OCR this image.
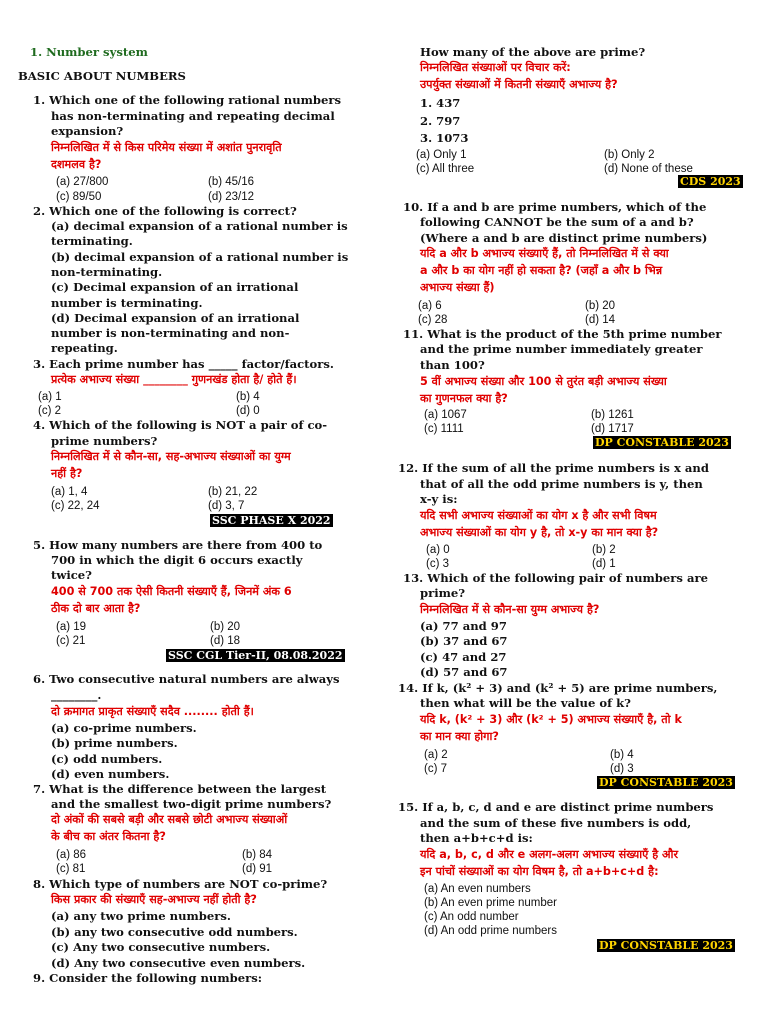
1. Number system
BASIC ABOUT NUMBERS
1. Which one of the following rational numbers
has non-terminating and repeating decimal
expansion?
निम्नलिखित में से किस परिमेय संख्या में अशांत पुनरावृति
दशमलव है?
(a) 27/800	(b) 45/16
(c) 89/50	(d) 23/12
2. Which one of the following is correct?
(a) decimal expansion of a rational number is
terminating.
(b) decimal expansion of a rational number is
non-terminating.
(c) Decimal expansion of an irrational
number is terminating.
(d) Decimal expansion of an irrational
number is non-terminating and non-
repeating.
3. Each prime number has _____ factor/factors.
प्रत्येक अभाज्य संख्या ________ गुणनखंड होता है/ होते हैं।
(a) 1	(b) 4
(c) 2	(d) 0
4. Which of the following is NOT a pair of co-
prime numbers?
निम्नलिखित में से कौन-सा, सह-अभाज्य संख्याओं का युग्म
नहीं है?
(a) 1, 4	(b) 21, 22
(c) 22, 24	(d) 3, 7
5. How many numbers are there from 400 to
700 in which the digit 6 occurs exactly
twice?
400 से 700 तक ऐसी कितनी संख्याएँ हैं, जिनमें अंक 6
ठीक दो बार आता है?
(a) 19	(b) 20
(c) 21	(d) 18
6. Two consecutive natural numbers are always
________.
दो क्रमागत प्राकृत संख्याएँ सदैव ........ होती हैं।
(a) co-prime numbers.
(b) prime numbers.
(c) odd numbers.
(d) even numbers.
7. What is the difference between the largest
and the smallest two-digit prime numbers?
दो अंकों की सबसे बड़ी और सबसे छोटी अभाज्य संख्याओं
के बीच का अंतर कितना है?
(a) 86	(b) 84
(c) 81	(d) 91
8. Which type of numbers are NOT co-prime?
किस प्रकार की संख्याएँ सह-अभाज्य नहीं होती है?
(a) any two prime numbers.
(b) any two consecutive odd numbers.
(c) Any two consecutive numbers.
(d) Any two consecutive even numbers.
9. Consider the following numbers:
SSC PHASE X 2022
SSC CGL Tier-II, 08.08.2022
How many of the above are prime?
निम्नलिखित संख्याओं पर विचार करें:
उपर्युक्त संख्याओं में कितनी संख्याएँ अभाज्य है?
1. 437
2. 797
3. 1073
(a) Only 1	(b) Only 2
(c) All three	(d) None of these
10. If a and b are prime numbers, which of the
following CANNOT be the sum of a and b?
(Where a and b are distinct prime numbers)
यदि a और b अभाज्य संख्याएँ हैं, तो निम्नलिखित में से क्या
a और b का योग नहीं हो सकता है? (जहाँ a और b भिन्न
अभाज्य संख्या हैं)
(a) 6	(b) 20
(c) 28	(d) 14
11. What is the product of the 5th prime number
and the prime number immediately greater
than 100?
5 वीं अभाज्य संख्या और 100 से तुरंत बड़ी अभाज्य संख्या
का गुणनफल क्या है?
(a) 1067	(b) 1261
(c) 1111	(d) 1717
12. If the sum of all the prime numbers is x and
that of all the odd prime numbers is y, then
x-y is:
यदि सभी अभाज्य संख्याओं का योग x है और सभी विषम
अभाज्य संख्याओं का योग y है, तो x-y का मान क्या है?
(a) 0	(b) 2
(c) 3	(d) 1
13. Which of the following pair of numbers are
prime?
निम्नलिखित में से कौन-सा युग्म अभाज्य है?
(a) 77 and 97
(b) 37 and 67
(c) 47 and 27
(d) 57 and 67
14. If k, (k² + 3) and (k² + 5) are prime numbers,
then what will be the value of k?
यदि k, (k² + 3) और (k² + 5) अभाज्य संख्याएँ है, तो k
का मान क्या होगा?
(a) 2	(b) 4
(c) 7	(d) 3
15. If a, b, c, d and e are distinct prime numbers
and the sum of these five numbers is odd,
then a+b+c+d is:
यदि a, b, c, d और e अलग-अलग अभाज्य संख्याएँ है और
इन पांचों संख्याओं का योग विषम है, तो a+b+c+d है:
(a) An even numbers
(b) An even prime number
(c) An odd number
(d) An odd prime numbers
CDS 2023
DP CONSTABLE 2023
DP CONSTABLE 2023
DP CONSTABLE 2023
